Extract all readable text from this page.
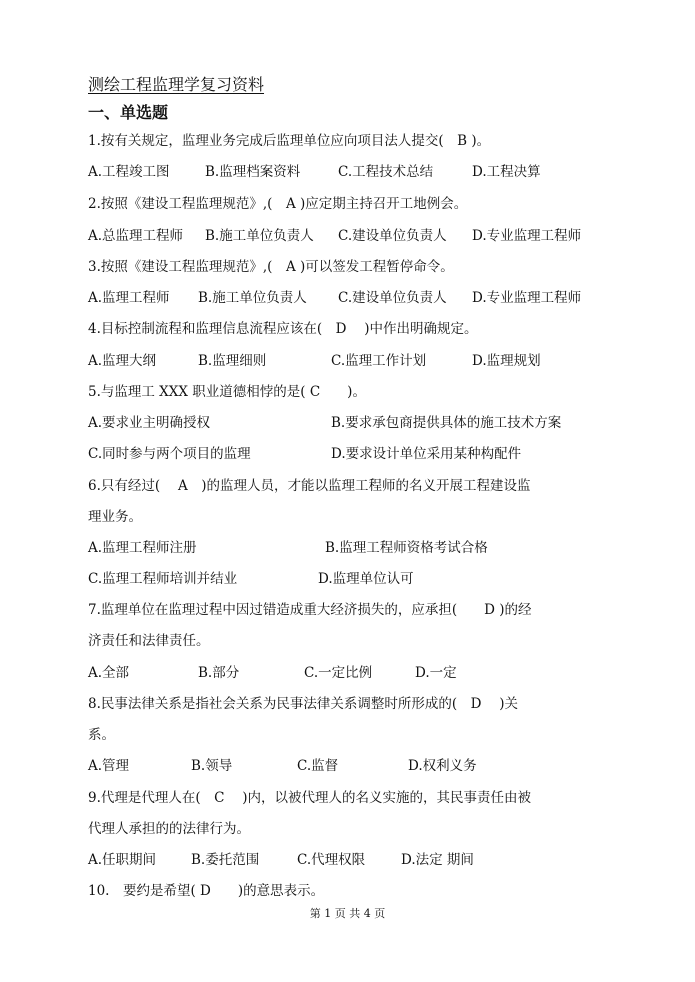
测绘工程监理学复习资料
一、单选题
1.按有关规定，监理业务完成后监理单位应向项目法人提交(　B )。
A.工程竣工图	B.监理档案资料	C.工程技术总结	D.工程决算
2.按照《建设工程监理规范》,(　A )应定期主持召开工地例会。
A.总监理工程师 B.施工单位负责人 C.建设单位负责人 D.专业监理工程师
3.按照《建设工程监理规范》,(　A )可以签发工程暂停命令。
A.监理工程师 B.施工单位负责人 C.建设单位负责人 D.专业监理工程师
4.目标控制流程和监理信息流程应该在(　D　 )中作出明确规定。
A.监理大纲	B.监理细则	C.监理工作计划	D.监理规划
5.与监理工 XXX 职业道德相悖的是( C　　)。
A.要求业主明确授权	B.要求承包商提供具体的施工技术方案
C.同时参与两个项目的监理	D.要求设计单位采用某种构配件
6.只有经过(　 A　)的监理人员，才能以监理工程师的名义开展工程建设监
理业务。
A.监理工程师注册	B.监理工程师资格考试合格
C.监理工程师培训并结业	D.监理单位认可
7.监理单位在监理过程中因过错造成重大经济损失的，应承担(　　D )的经
济责任和法律责任。
A.全部	B.部分	C.一定比例	D.一定
8.民事法律关系是指社会关系为民事法律关系调整时所形成的(　D　 )关
系。
A.管理	B.领导	C.监督	D.权利义务
9.代理是代理人在(　C　 )内，以被代理人的名义实施的，其民事责任由被
代理人承担的的法律行为。
A.任职期间	B.委托范围	C.代理权限	D.法定 期间
10.　要约是希望( D　　)的意思表示。
第 1 页 共 4 页
